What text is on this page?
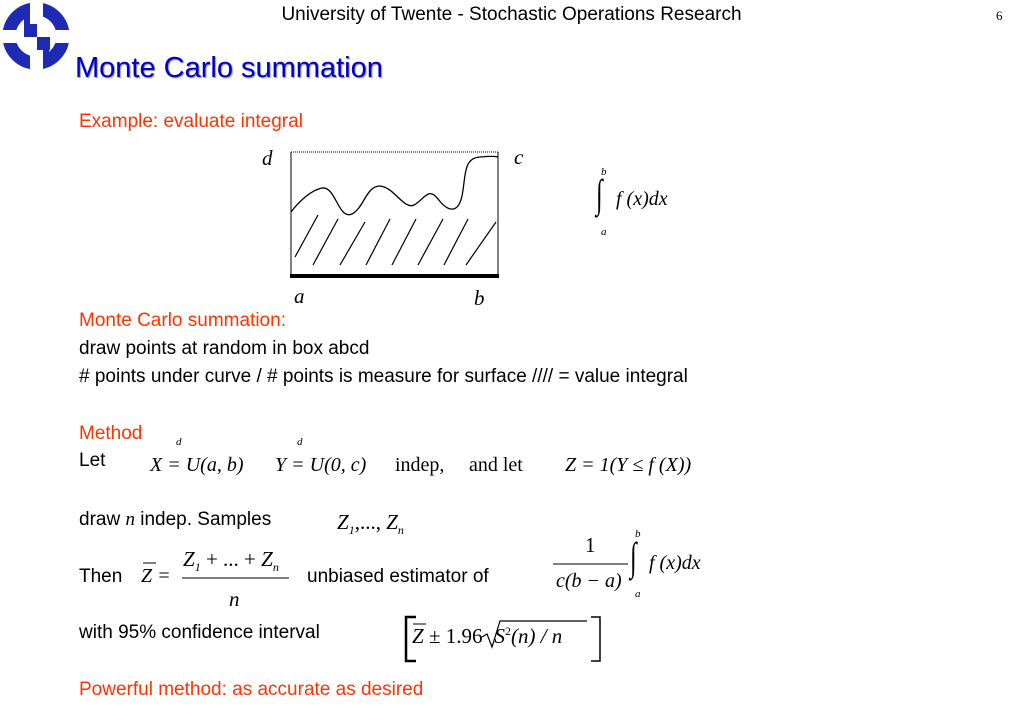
University of Twente - Stochastic Operations Research	6
Monte Carlo summation
Example: evaluate integral
d	c
a	b
b
∫
a
f (x)dx
Monte Carlo summation:
draw points at random in box abcd
# points under curve / # points is measure for surface //// = value integral
Method
Let
d
X = U(a, b)
d
Y = U(0, c) indep, and let Z = 1(Y ≤ f (X))
draw n indep. Samples	$Z_1$,..., $Z_n$
Then Z =
$Z_1$ + ... + $Z_n$
n
unbiased estimator of
1
c(b − a)
b
∫
a
f (x)dx
with 95% confidence interval	Z ± 1.96 $S^2(n)$ / n
Powerful method: as accurate as desired
